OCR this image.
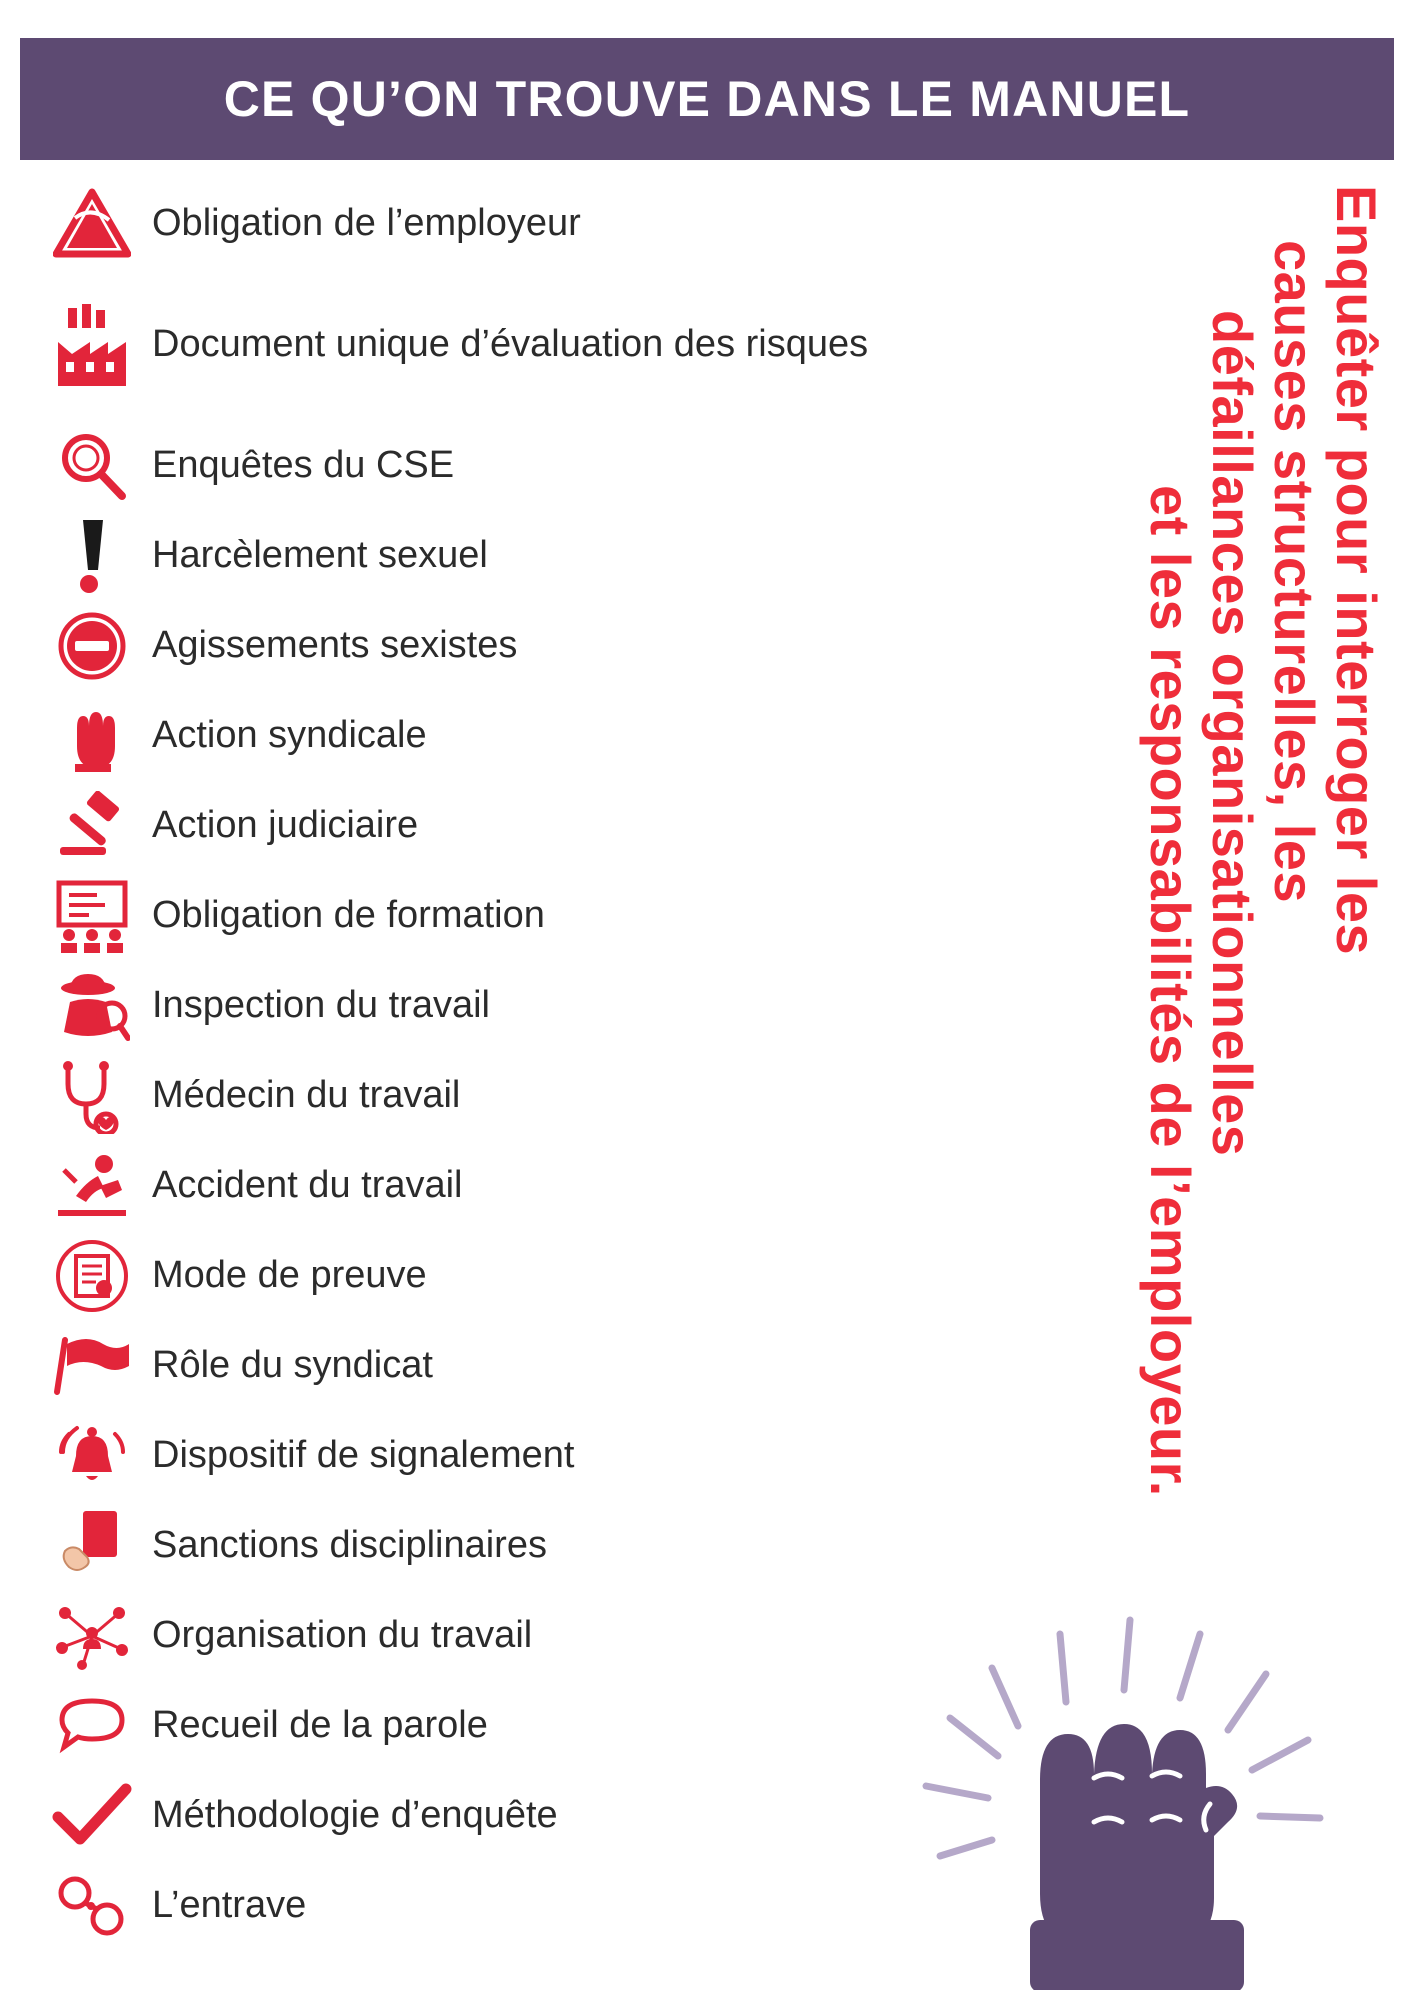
CE QU’ON TROUVE DANS LE MANUEL
Obligation de l’employeur
Document unique d’évaluation des risques
Enquêtes du CSE
Harcèlement sexuel
Agissements sexistes
Action syndicale
Action judiciaire
Obligation de formation
Inspection du travail
Médecin du travail
Accident du travail
Mode de preuve
Rôle du syndicat
Dispositif de signalement
Sanctions disciplinaires
Organisation du travail
Recueil de la parole
Méthodologie d’enquête
L’entrave
Enquêter pour interroger les
causes structurelles, les
défaillances organisationnelles
et les responsabilités de l’employeur.
